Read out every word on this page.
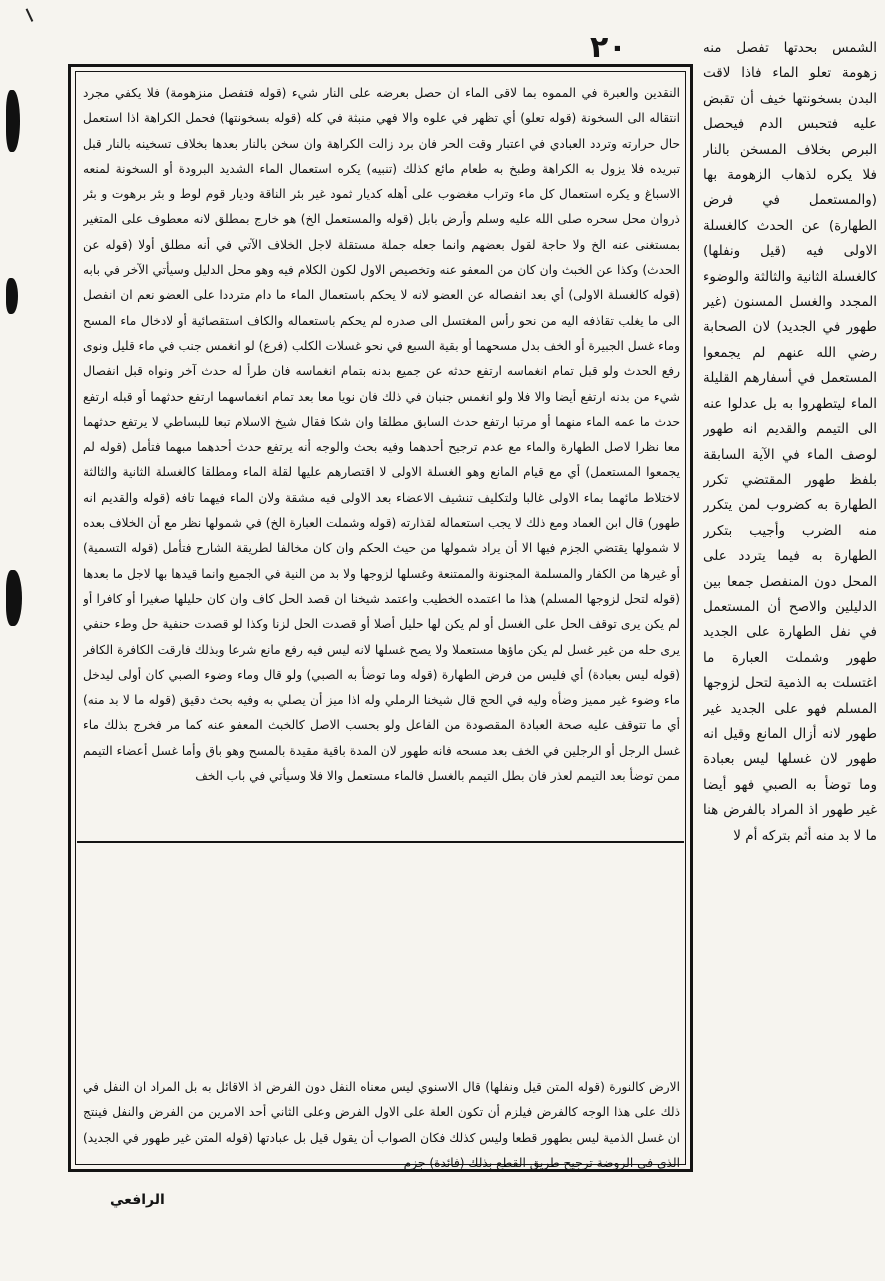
٢٠

النقدين والعبرة في المموه بما لاقى الماء ان حصل بعرضه على النار شيء (قوله فتفصل منزهومة) فلا يكفي مجرد انتقاله الى السخونة (قوله تعلو) أي تظهر في علوه والا فهي منبثة في كله (قوله بسخونتها) فحمل الكراهة اذا استعمل حال حرارته وتردد العبادي في اعتبار وقت الحر فان برد زالت الكراهة وان سخن بالنار بعدها بخلاف تسخينه بالنار قبل تبريده فلا يزول به الكراهة وطبخ به طعام مائع كذلك (تنبيه) يكره استعمال الماء الشديد البرودة أو السخونة لمنعه الاسباغ و يكره استعمال كل ماء وتراب مغضوب على أهله كديار ثمود غير بئر الناقة وديار قوم لوط و بئر برهوت و بئر ذروان محل سحره صلى الله عليه وسلم وأرض بابل (قوله والمستعمل الخ) هو خارج بمطلق لانه معطوف على المتغير بمستغنى عنه الخ ولا حاجة لقول بعضهم وانما جعله جملة مستقلة لاجل الخلاف الآتي في أنه مطلق أولا (قوله عن الحدث) وكذا عن الخبث وان كان من المعفو عنه وتخصيص الاول لكون الكلام فيه وهو محل الدليل وسيأتي الآخر في بابه (قوله كالغسلة الاولى) أي بعد انفصاله عن العضو لانه لا يحكم باستعمال الماء ما دام مترددا على العضو نعم ان انفصل الى ما يغلب تقاذفه اليه من نحو رأس المغتسل الى صدره لم يحكم باستعماله والكاف استقصائية أو لادخال ماء المسح وماء غسل الجبيرة أو الخف بدل مسحهما أو بقية السبع في نحو غسلات الكلب (فرع) لو انغمس جنب في ماء قليل ونوى رفع الحدث ولو قبل تمام انغماسه ارتفع حدثه عن جميع بدنه بتمام انغماسه فان طرأ له حدث آخر ونواه قبل انفصال شيء من بدنه ارتفع أيضا والا فلا ولو انغمس جنبان في ذلك فان نويا معا بعد تمام انغماسهما ارتفع حدثهما أو قبله ارتفع حدث ما عمه الماء منهما أو مرتبا ارتفع حدث السابق مطلقا وان شكا فقال شيخ الاسلام تبعا للبساطي لا يرتفع حدثهما معا نظرا لاصل الطهارة والماء مع عدم ترجيح أحدهما وفيه بحث والوجه أنه يرتفع حدث أحدهما مبهما فتأمل (قوله لم يجمعوا المستعمل) أي مع قيام المانع وهو الغسلة الاولى لا اقتصارهم عليها لقلة الماء ومطلقا كالغسلة الثانية والثالثة لاختلاط مائهما بماء الاولى غالبا ولتكليف تنشيف الاعضاء بعد الاولى فيه مشقة ولان الماء فيهما تافه (قوله والقديم انه طهور) قال ابن العماد ومع ذلك لا يجب استعماله لقذارته (قوله وشملت العبارة الخ) في شمولها نظر مع أن الخلاف بعده لا شمولها يقتضي الجزم فيها الا أن يراد شمولها من حيث الحكم وان كان مخالفا لطريقة الشارح فتأمل (قوله التسمية) أو غيرها من الكفار والمسلمة المجنونة والممتنعة وغسلها لزوجها ولا بد من النية في الجميع وانما قيدها بها لاجل ما بعدها (قوله لتحل لزوجها المسلم) هذا ما اعتمده الخطيب واعتمد شيخنا ان قصد الحل كاف وان كان حليلها صغيرا أو كافرا أو لم يكن يرى توقف الحل على الغسل أو لم يكن لها حليل أصلا أو قصدت الحل لزنا وكذا لو قصدت حنفية حل وطء حنفي يرى حله من غير غسل لم يكن ماؤها مستعملا ولا يصح غسلها لانه ليس فيه رفع مانع شرعا وبذلك فارقت الكافرة الكافر (قوله ليس بعبادة) أي فليس من فرض الطهارة (قوله وما توضأ به الصبي) ولو قال وماء وضوء الصبي كان أولى ليدخل ماء وضوء غير مميز وضأه وليه في الحج قال شيخنا الرملي وله اذا ميز أن يصلي به وفيه بحث دقيق (قوله ما لا بد منه) أي ما تتوقف عليه صحة العبادة المقصودة من الفاعل ولو بحسب الاصل كالخبث المعفو عنه كما مر فخرج بذلك ماء غسل الرجل أو الرجلين في الخف بعد مسحه فانه طهور لان المدة باقية مقيدة بالمسح وهو باق وأما غسل أعضاء التيمم ممن توضأ بعد التيمم لعذر فان بطل التيمم بالغسل فالماء مستعمل والا فلا وسيأتي في باب الخف

الارض كالنورة (قوله المتن قيل ونفلها) قال الاسنوي ليس معناه النفل دون الفرض اذ الاقائل به بل المراد ان النفل في ذلك على هذا الوجه كالفرض فيلزم أن تكون العلة على الاول الفرض وعلى الثاني أحد الامرين من الفرض والنفل فينتج ان غسل الذمية ليس بطهور قطعا وليس كذلك فكان الصواب أن يقول قيل بل عبادتها (قوله المتن غير طهور في الجديد) الذي في الروضة ترجيح طريق القطع بذلك (فائدة) جزم

الشمس بحدتها تفصل منه زهومة تعلو الماء فاذا لاقت البدن بسخونتها خيف أن تقبض عليه فتحبس الدم فيحصل البرص بخلاف المسخن بالنار فلا يكره لذهاب الزهومة بها (والمستعمل في فرض الطهارة) عن الحدث كالغسلة الاولى فيه (قيل ونفلها) كالغسلة الثانية والثالثة والوضوء المجدد والغسل المسنون (غير طهور في الجديد) لان الصحابة رضي الله عنهم لم يجمعوا المستعمل في أسفارهم القليلة الماء ليتطهروا به بل عدلوا عنه الى التيمم والقديم انه طهور لوصف الماء في الآية السابقة بلفظ طهور المقتضي تكرر الطهارة به كضروب لمن يتكرر منه الضرب وأجيب بتكرر الطهارة به فيما يتردد على المحل دون المنفصل جمعا بين الدليلين والاصح أن المستعمل في نفل الطهارة على الجديد طهور وشملت العبارة ما اغتسلت به الذمية لتحل لزوجها المسلم فهو على الجديد غير طهور لانه أزال المانع وقيل انه طهور لان غسلها ليس بعبادة وما توضأ به الصبي فهو أيضا غير طهور اذ المراد بالفرض هنا ما لا بد منه أثم بتركه أم لا

الرافعي
